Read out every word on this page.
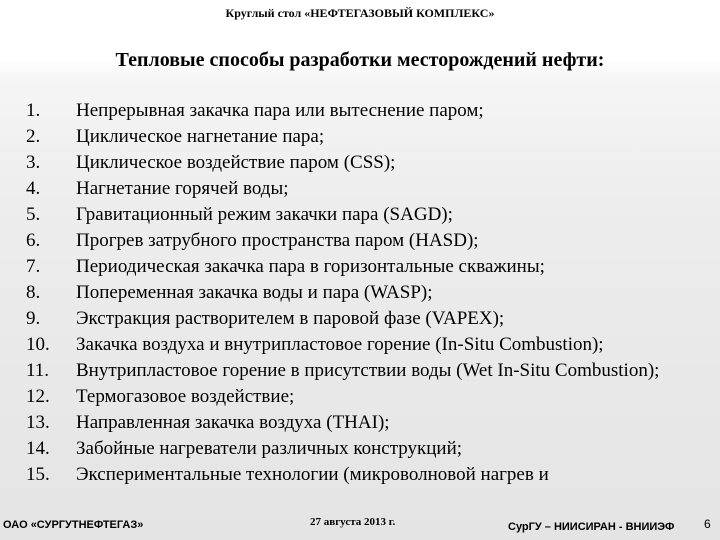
Круглый стол «НЕФТЕГАЗОВЫЙ КОМПЛЕКС»
Тепловые способы разработки месторождений нефти:
1.	Непрерывная закачка пара или вытеснение паром;
2.	Циклическое нагнетание пара;
3.	Циклическое воздействие паром (CSS);
4.	Нагнетание горячей воды;
5.	Гравитационный режим закачки пара (SAGD);
6.	Прогрев затрубного пространства паром (HASD);
7.	Периодическая закачка пара в горизонтальные скважины;
8.	Попеременная закачка воды и пара (WASP);
9.	Экстракция растворителем в паровой фазе (VAPEX);
10.	Закачка воздуха и внутрипластовое горение (In-Situ Combustion);
11.	Внутрипластовое горение в присутствии воды (Wet In-Situ Combustion);
12.	Термогазовое воздействие;
13.	Направленная закачка воздуха (THAI);
14.	Забойные нагреватели различных конструкций;
15.	Экспериментальные технологии (микроволновой нагрев и
ОАО «СУРГУТНЕФТЕГАЗ»	27 августа 2013 г.	СурГУ – НИИСИРАН - ВНИИЭФ 6
